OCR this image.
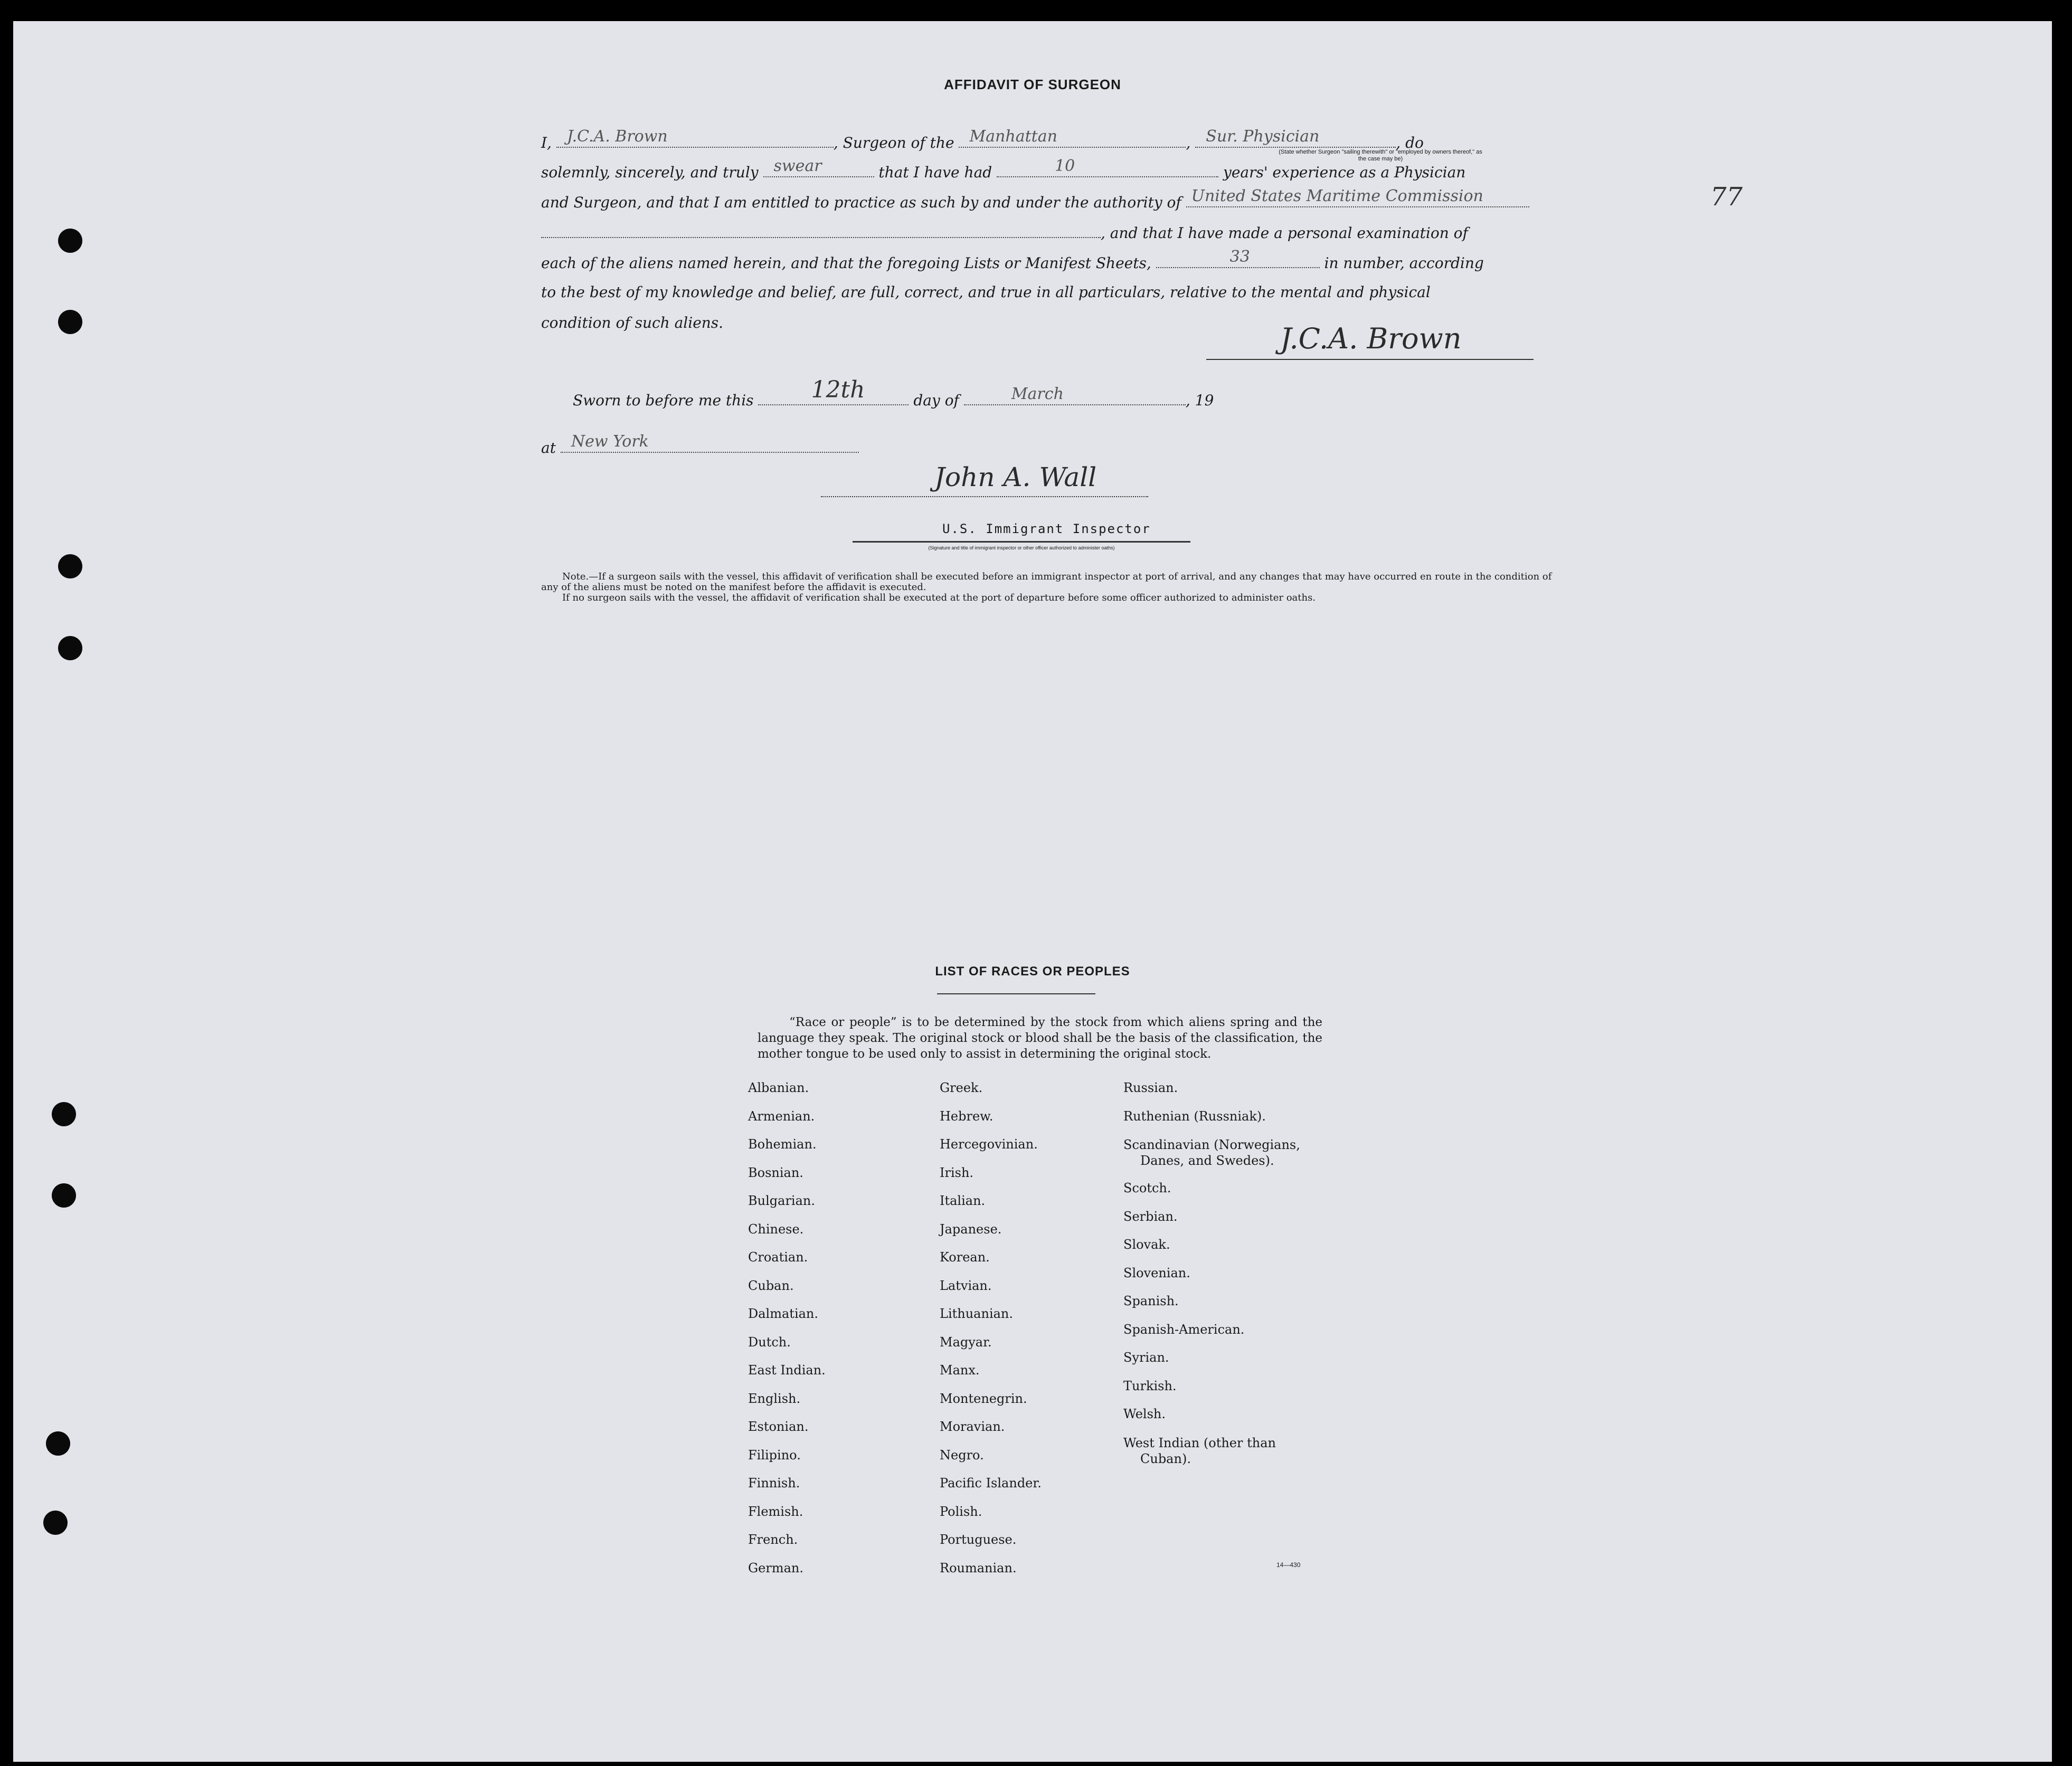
77
AFFIDAVIT OF SURGEON
I, J.C.A. Brown	, Surgeon of the Manhattan	, Sur. Physician	, do
(State whether Surgeon "sailing therewith" or "employed by owners thereof," as the case may be)
solemnly, sincerely, and truly swear	that I have had	10	years' experience as a Physician
and Surgeon, and that I am entitled to practice as such by and under the authority of United States Maritime Commission
, and that I have made a personal examination of
each of the aliens named herein, and that the foregoing Lists or Manifest Sheets,	33	in number, according
to the best of my knowledge and belief, are full, correct, and true in all particulars, relative to the mental and physical
condition of such aliens.	J.C.A. Brown
Sworn to before me this 12th	day of	March	, 19
at New York
John A. Wall
U.S. Immigrant Inspector
(Signature and title of immigrant inspector or other officer authorized to administer oaths)
Note.—If a surgeon sails with the vessel, this affidavit of verification shall be executed before an immigrant inspector at port of arrival, and any changes that may have occurred en route in the condition of any of the aliens must be noted on the manifest before the affidavit is executed.
If no surgeon sails with the vessel, the affidavit of verification shall be executed at the port of departure before some officer authorized to administer oaths.
LIST OF RACES OR PEOPLES
“Race or people” is to be determined by the stock from which aliens spring and the language they speak. The original stock or blood shall be the basis of the classification, the mother tongue to be used only to assist in determining the original stock.
Albanian.
Armenian.
Bohemian.
Bosnian.
Bulgarian.
Chinese.
Croatian.
Cuban.
Dalmatian.
Dutch.
East Indian.
English.
Estonian.
Filipino.
Finnish.
Flemish.
French.
German.
Greek.
Hebrew.
Hercegovinian.
Irish.
Italian.
Japanese.
Korean.
Latvian.
Lithuanian.
Magyar.
Manx.
Montenegrin.
Moravian.
Negro.
Pacific Islander.
Polish.
Portuguese.
Roumanian.
Russian.
Ruthenian (Russniak).
Scandinavian (Norwegians,
Danes, and Swedes).
Scotch.
Serbian.
Slovak.
Slovenian.
Spanish.
Spanish-American.
Syrian.
Turkish.
Welsh.
West Indian (other than
Cuban).
14—430
